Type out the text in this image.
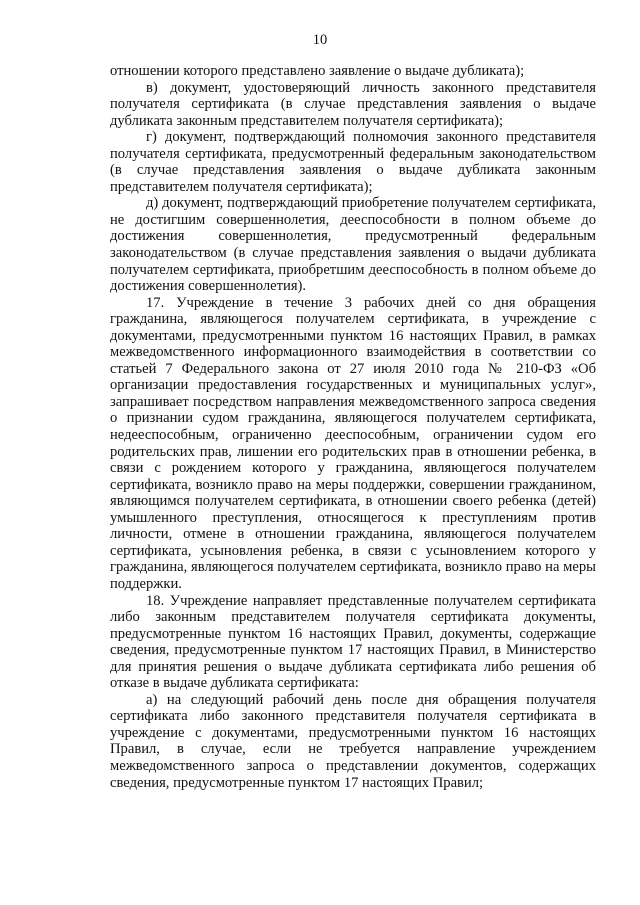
10

отношении которого представлено заявление о выдаче дубликата);

в) документ, удостоверяющий личность законного представителя получателя сертификата (в случае представления заявления о выдаче дубликата законным представителем получателя сертификата);

г) документ, подтверждающий полномочия законного представителя получателя сертификата, предусмотренный федеральным законодательством (в случае представления заявления о выдаче дубликата законным представителем получателя сертификата);

д) документ, подтверждающий приобретение получателем сертификата, не достигшим совершеннолетия, дееспособности в полном объеме до достижения совершеннолетия, предусмотренный федеральным законодательством (в случае представления заявления о выдачи дубликата получателем сертификата, приобретшим дееспособность в полном объеме до достижения совершеннолетия).

17. Учреждение в течение 3 рабочих дней со дня обращения гражданина, являющегося получателем сертификата, в учреждение с документами, предусмотренными пунктом 16 настоящих Правил, в рамках межведомственного информационного взаимодействия в соответствии со статьей 7 Федерального закона от 27 июля 2010 года № 210-ФЗ «Об организации предоставления государственных и муниципальных услуг», запрашивает посредством направления межведомственного запроса сведения о признании судом гражданина, являющегося получателем сертификата, недееспособным, ограниченно дееспособным, ограничении судом его родительских прав, лишении его родительских прав в отношении ребенка, в связи с рождением которого у гражданина, являющегося получателем сертификата, возникло право на меры поддержки, совершении гражданином, являющимся получателем сертификата, в отношении своего ребенка (детей) умышленного преступления, относящегося к преступлениям против личности, отмене в отношении гражданина, являющегося получателем сертификата, усыновления ребенка, в связи с усыновлением которого у гражданина, являющегося получателем сертификата, возникло право на меры поддержки.

18. Учреждение направляет представленные получателем сертификата либо законным представителем получателя сертификата документы, предусмотренные пунктом 16 настоящих Правил, документы, содержащие сведения, предусмотренные пунктом 17 настоящих Правил, в Министерство для принятия решения о выдаче дубликата сертификата либо решения об отказе в выдаче дубликата сертификата:

а) на следующий рабочий день после дня обращения получателя сертификата либо законного представителя получателя сертификата в учреждение с документами, предусмотренными пунктом 16 настоящих Правил, в случае, если не требуется направление учреждением межведомственного запроса о представлении документов, содержащих сведения, предусмотренные пунктом 17 настоящих Правил;
